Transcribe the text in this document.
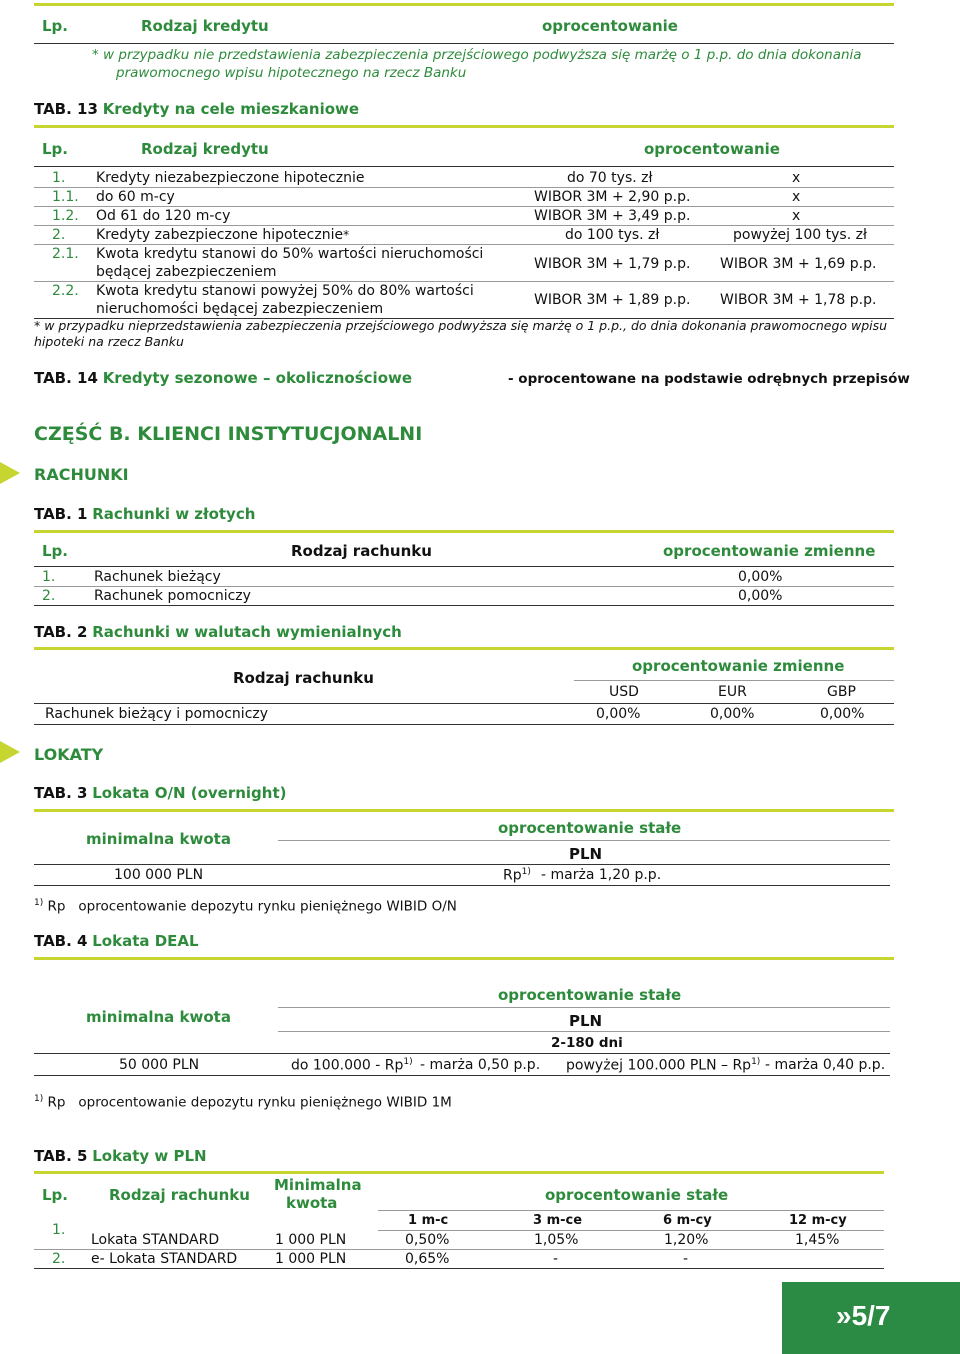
Lp.	Rodzaj kredytu	oprocentowanie
* w przypadku nie przedstawienia zabezpieczenia przejściowego podwyższa się marżę o 1 p.p. do dnia dokonania
prawomocnego wpisu hipotecznego na rzecz Banku
TAB. 13 Kredyty na cele mieszkaniowe
Lp.	Rodzaj kredytu	oprocentowanie
1. Kredyty niezabezpieczone hipotecznie	do 70 tys. zł	x
1.1. do 60 m-cy	WIBOR 3M + 2,90 p.p.	x
1.2. Od 61 do 120 m-cy	WIBOR 3M + 3,49 p.p.	x
2. Kredyty zabezpieczone hipotecznie*	do 100 tys. zł	powyżej 100 tys. zł
2.1. Kwota kredytu stanowi do 50% wartości nieruchomości
będącej zabezpieczeniem	WIBOR 3M + 1,79 p.p. WIBOR 3M + 1,69 p.p.
2.2. Kwota kredytu stanowi powyżej 50% do 80% wartości
nieruchomości będącej zabezpieczeniem
WIBOR 3M + 1,89 p.p. WIBOR 3M + 1,78 p.p.
* w przypadku nieprzedstawienia zabezpieczenia przejściowego podwyższa się marżę o 1 p.p., do dnia dokonania prawomocnego wpisu
hipoteki na rzecz Banku
TAB. 14 Kredyty sezonowe – okolicznościowe	- oprocentowane na podstawie odrębnych przepisów
CZĘŚĆ B. KLIENCI INSTYTUCJONALNI
RACHUNKI
TAB. 1 Rachunki w złotych
Lp.	Rodzaj rachunku	oprocentowanie zmienne
1.	Rachunek bieżący	0,00%
2.	Rachunek pomocniczy	0,00%
TAB. 2 Rachunki w walutach wymienialnych
Rodzaj rachunku
oprocentowanie zmienne
USD	EUR	GBP
Rachunek bieżący i pomocniczy	0,00%	0,00%	0,00%
LOKATY
TAB. 3 Lokata O/N (overnight)
minimalna kwota
oprocentowanie stałe
PLN
100 000 PLN	Rp$^{1)}$ - marża 1,20 p.p.
$^{1)}$ Rp   oprocentowanie depozytu rynku pieniężnego WIBID O/N
TAB. 4 Lokata DEAL
oprocentowanie stałe
minimalna kwota	PLN
2-180 dni
50 000 PLN	do 100.000 - Rp$^{1)}$ - marża 0,50 p.p. powyżej 100.000 PLN – Rp$^{1)}$ - marża 0,40 p.p.
$^{1)}$ Rp   oprocentowanie depozytu rynku pieniężnego WIBID 1M
TAB. 5 Lokaty w PLN
Lp.	Rodzaj rachunku
Minimalna
kwota	oprocentowanie stałe
1 m-c	3 m-ce	6 m-cy	12 m-cy
1.
Lokata STANDARD	1 000 PLN	0,50%	1,05%	1,20%	1,45%
2. e- Lokata STANDARD	1 000 PLN	0,65%	-	-
»5/7
